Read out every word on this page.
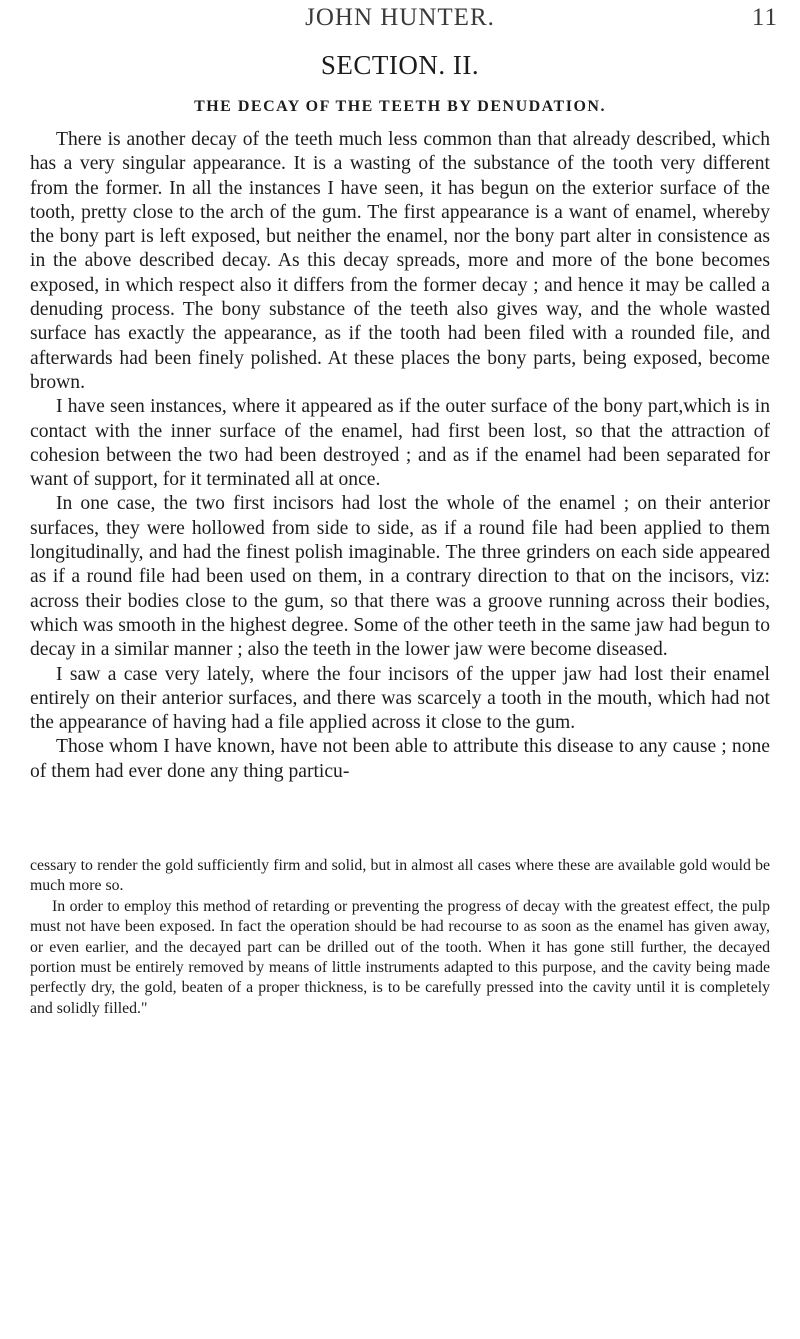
JOHN HUNTER.	11
SECTION. II.
THE DECAY OF THE TEETH BY DENUDATION.

There is another decay of the teeth much less common than that already described, which has a very singular appearance. It is a wasting of the substance of the tooth very different from the former. In all the instances I have seen, it has begun on the exterior surface of the tooth, pretty close to the arch of the gum. The first appearance is a want of enamel, whereby the bony part is left exposed, but neither the enamel, nor the bony part alter in consistence as in the above described decay. As this decay spreads, more and more of the bone becomes exposed, in which respect also it differs from the former decay ; and hence it may be called a denuding process. The bony substance of the teeth also gives way, and the whole wasted surface has exactly the appearance, as if the tooth had been filed with a rounded file, and afterwards had been finely polished. At these places the bony parts, being exposed, become brown.

I have seen instances, where it appeared as if the outer surface of the bony part,which is in contact with the inner surface of the enamel, had first been lost, so that the attraction of cohesion between the two had been destroyed ; and as if the enamel had been separated for want of support, for it terminated all at once.

In one case, the two first incisors had lost the whole of the enamel ; on their anterior surfaces, they were hollowed from side to side, as if a round file had been applied to them longitudinally, and had the finest polish imaginable. The three grinders on each side appeared as if a round file had been used on them, in a contrary direction to that on the incisors, viz: across their bodies close to the gum, so that there was a groove running across their bodies, which was smooth in the highest degree. Some of the other teeth in the same jaw had begun to decay in a similar manner ; also the teeth in the lower jaw were become diseased.

I saw a case very lately, where the four incisors of the upper jaw had lost their enamel entirely on their anterior surfaces, and there was scarcely a tooth in the mouth, which had not the appearance of having had a file applied across it close to the gum.

Those whom I have known, have not been able to attribute this disease to any cause ; none of them had ever done any thing particu-

cessary to render the gold sufficiently firm and solid, but in almost all cases where these are available gold would be much more so.

In order to employ this method of retarding or preventing the progress of decay with the greatest effect, the pulp must not have been exposed. In fact the operation should be had recourse to as soon as the enamel has given away, or even earlier, and the decayed part can be drilled out of the tooth. When it has gone still further, the decayed portion must be entirely removed by means of little instruments adapted to this purpose, and the cavity being made perfectly dry, the gold, beaten of a proper thickness, is to be carefully pressed into the cavity until it is completely and solidly filled."
